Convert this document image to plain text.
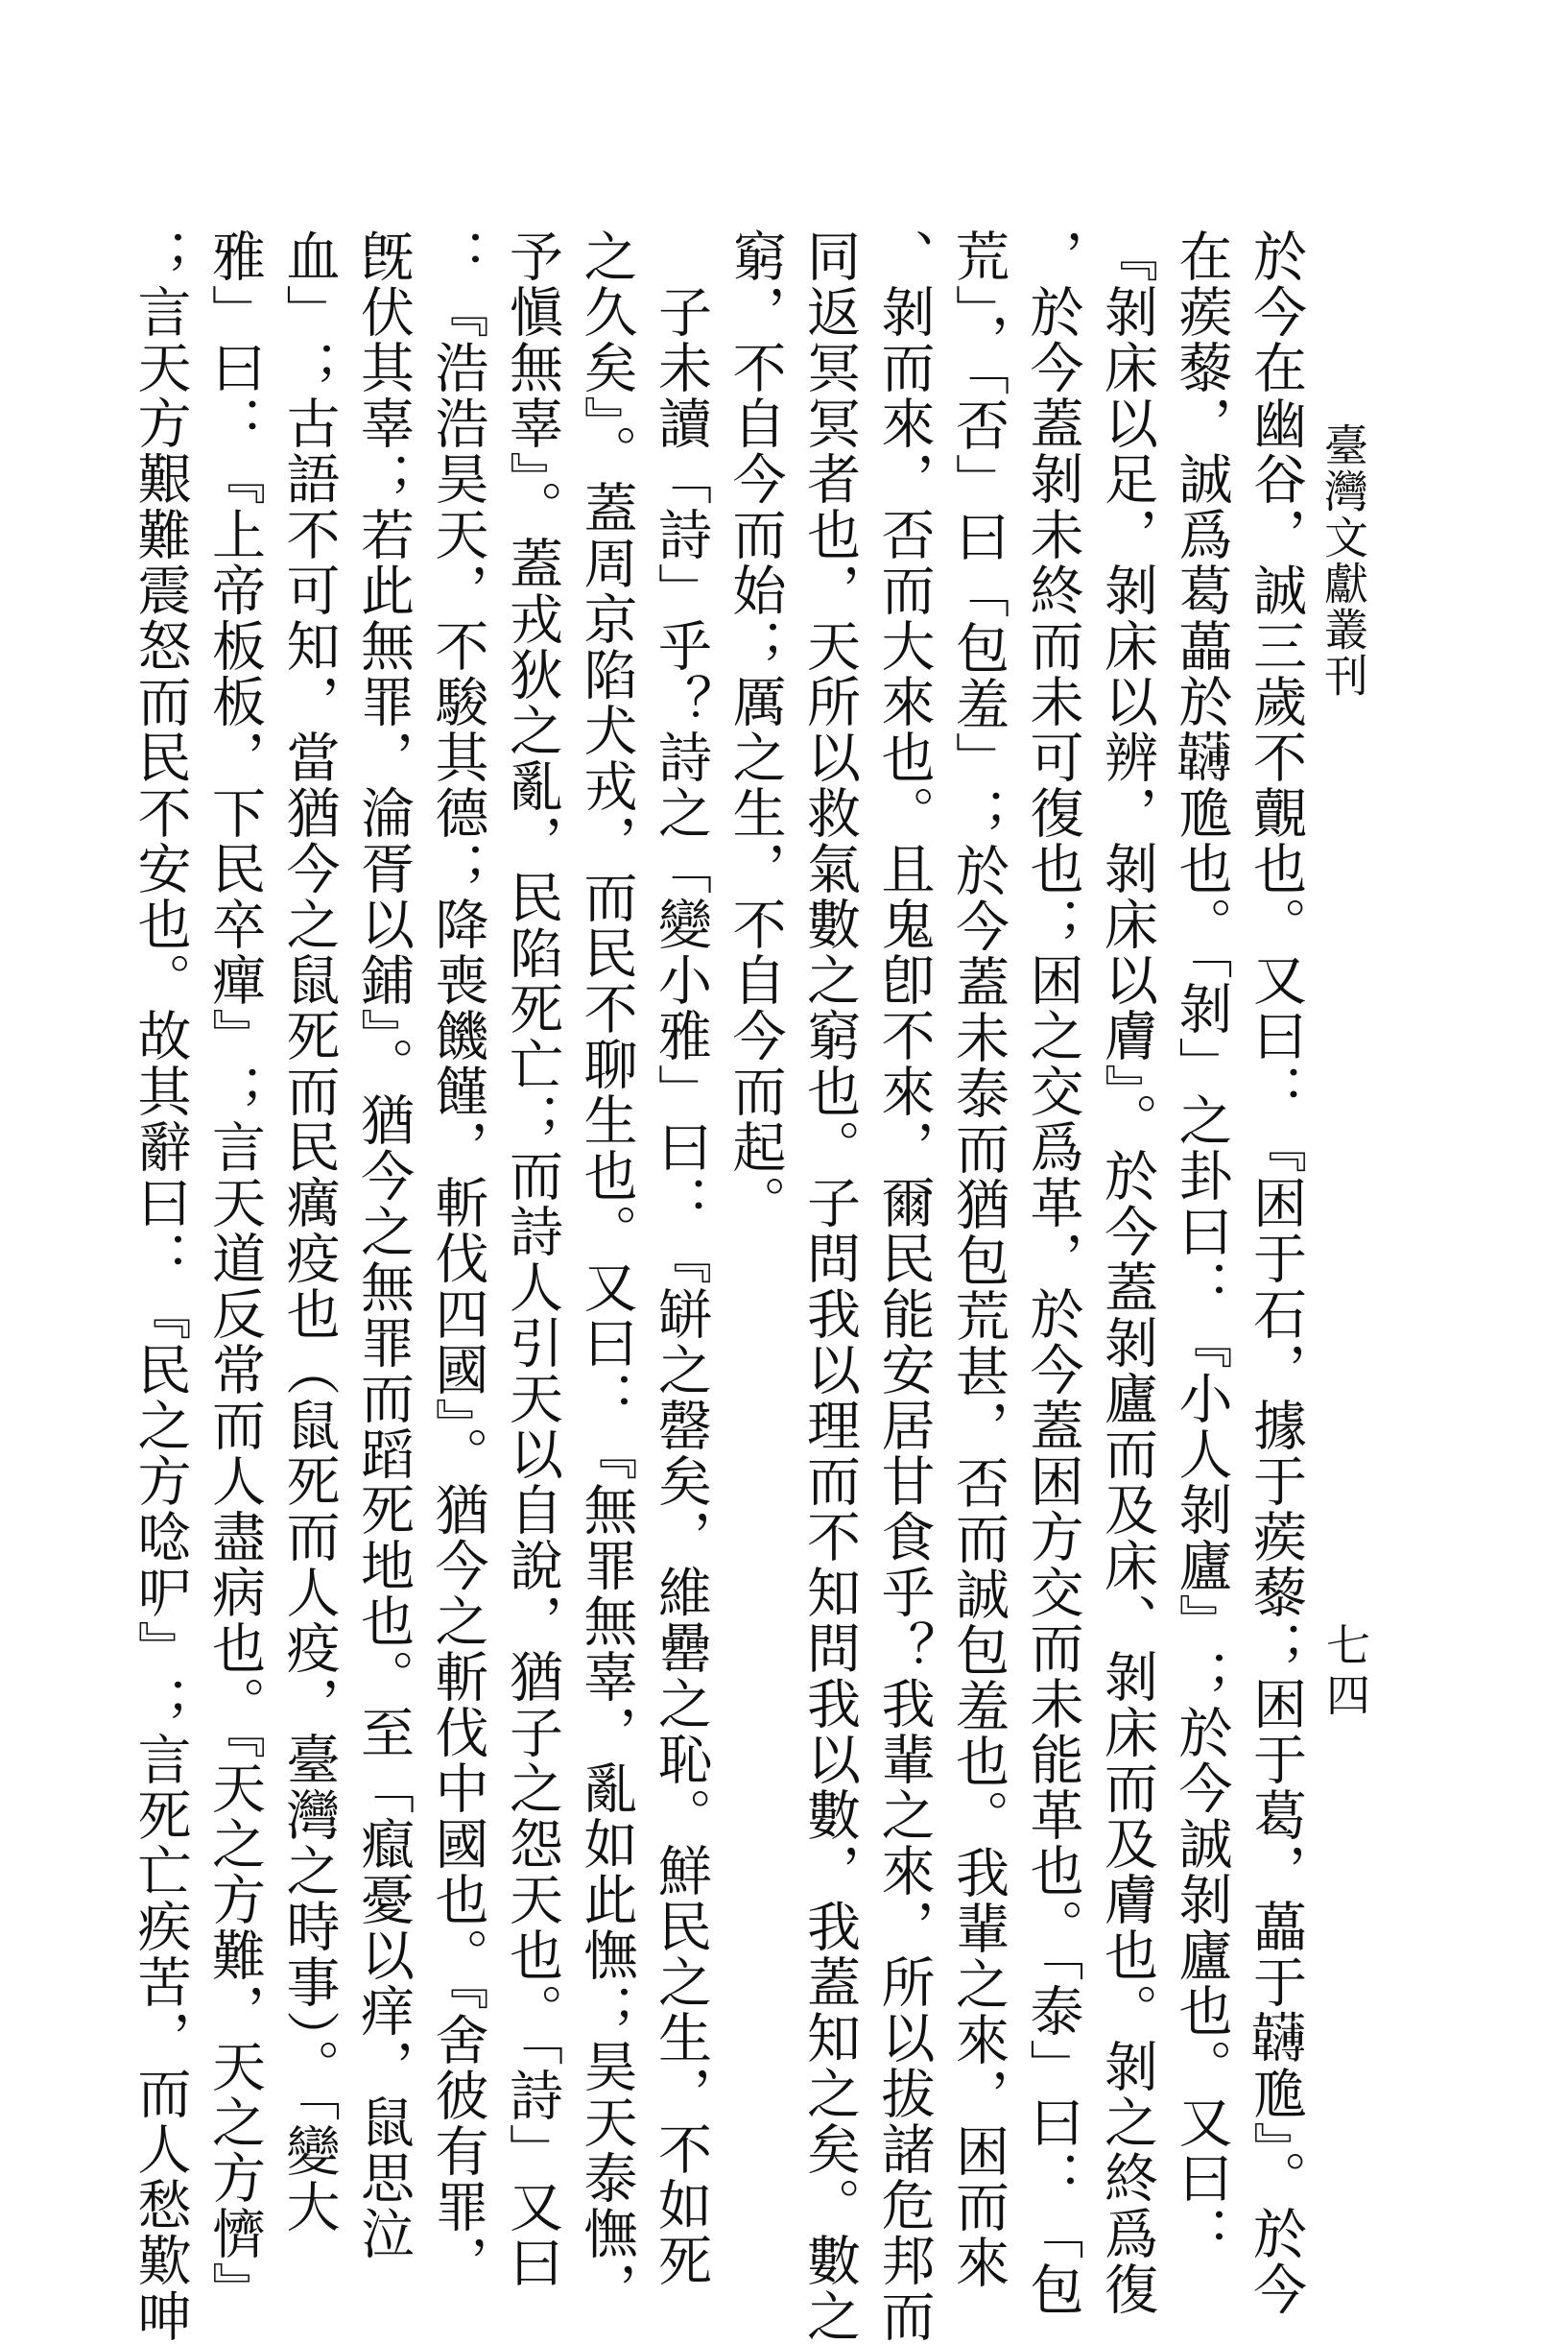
臺灣文獻叢刊
七四
於今在幽谷，誠三歲不覿也。又曰：『困于石，據于蒺藜；困于葛，藟于𩏵卼』。於今
在蒺藜，誠爲葛藟於𩏵卼也。「剝」之卦曰：『小人剝廬』；於今誠剝廬也。又曰：
『剝床以足，剝床以辨，剝床以膚』。於今蓋剝廬而及床、剝床而及膚也。剝之終爲復
，於今蓋剝未終而未可復也；困之交爲革，於今蓋困方交而未能革也。「泰」曰：「包
荒」，「否」曰「包羞」；於今蓋未泰而猶包荒甚，否而誠包羞也。我輩之來，困而來
、剝而來，否而大來也。且鬼卽不來，爾民能安居甘食乎？我輩之來，所以拔諸危邦而
同返冥冥者也，天所以救氣數之窮也。子問我以理而不知問我以數，我蓋知之矣。數之
窮，不自今而始；厲之生，不自今而起。
　子未讀「詩」乎？詩之「變小雅」曰：『缾之罄矣，維罍之恥。鮮民之生，不如死
之久矣』。蓋周京陷犬戎，而民不聊生也。又曰：『無罪無辜，亂如此憮；昊天泰憮，
予愼無辜』。蓋戎狄之亂，民陷死亡；而詩人引天以自說，猶子之怨天也。「詩」又曰
：『浩浩昊天，不駿其德；降喪饑饉，斬伐四國』。猶今之斬伐中國也。『舍彼有罪，
旣伏其辜；若此無罪，淪胥以鋪』。猶今之無罪而蹈死地也。至「癙憂以痒，鼠思泣
血」；古語不可知，當猶今之鼠死而民癘疫也（鼠死而人疫，臺灣之時事）。「變大
雅」曰：『上帝板板，下民卒癉』；言天道反常而人盡病也。『天之方難，天之方懠』
；言天方艱難震怒而民不安也。故其辭曰：『民之方唸㕧』；言死亡疾苦，而人愁歎呻
